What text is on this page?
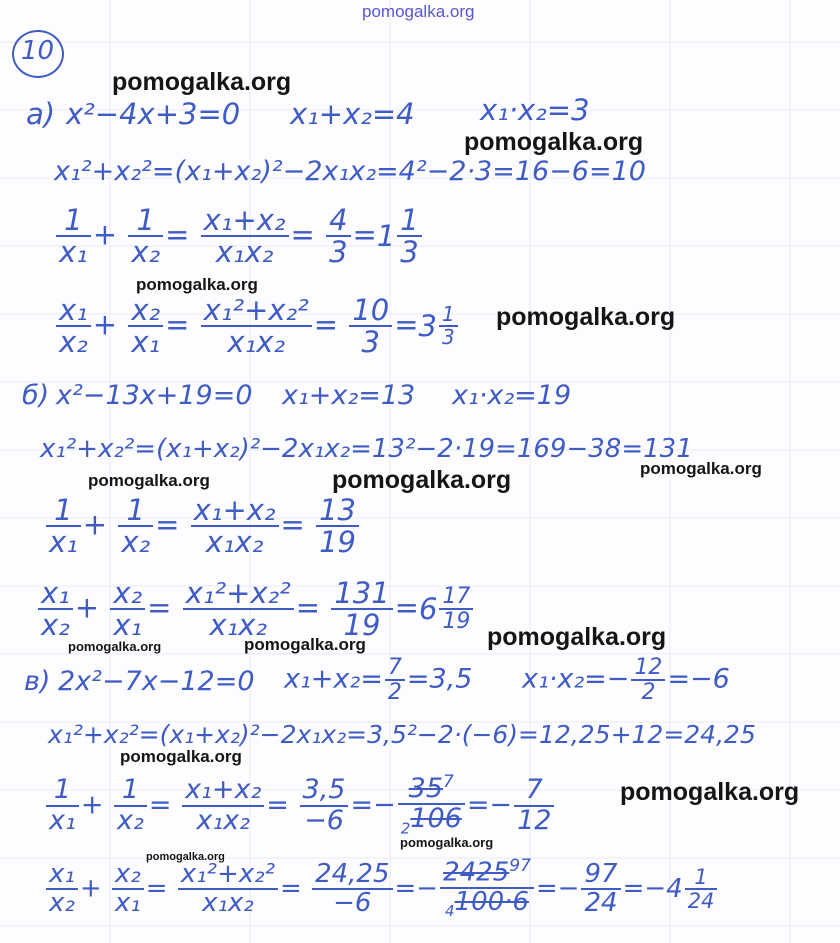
pomogalka.org
pomogalka.org
pomogalka.org
pomogalka.org
pomogalka.org
pomogalka.org
pomogalka.org	pomogalka.org
pomogalka.org	pomogalka.org	pomogalka.org
pomogalka.org
pomogalka.org
pomogalka.org
pomogalka.org
10
а) x²−4x+3=0 x₁+x₂=4 x₁·x₂=3
x₁²+x₂²=(x₁+x₂)²−2x₁x₂=4²−2·3=16−6=10
$\frac{1}{\text{x₁}} + \frac{1}{\text{x₂}} = \frac{\text{x₁+x₂}}{\text{x₁x₂}} = \frac{4}{3} =1 \frac{1}{3}$
$\frac{\text{x₁}}{\text{x₂}} + \frac{\text{x₂}}{\text{x₁}} = \frac{\text{x₁²+x₂²}}{\text{x₁x₂}} = \frac{10}{3} =3 \frac{1}{3}$
б) x²−13x+19=0 x₁+x₂=13 x₁·x₂=19
x₁²+x₂²=(x₁+x₂)²−2x₁x₂=13²−2·19=169−38=131
$\frac{1}{\text{x₁}} + \frac{1}{\text{x₂}} = \frac{\text{x₁+x₂}}{\text{x₁x₂}} = \frac{13}{19}$
$\frac{\text{x₁}}{\text{x₂}} + \frac{\text{x₂}}{\text{x₁}} = \frac{\text{x₁²+x₂²}}{\text{x₁x₂}} = \frac{131}{19} =6 \frac{17}{19}$
в) 2x²−7x−12=0 $x_1+x_2= \frac{7}{2} =3,5$ $x_1\cdot x_2=- \frac{12}{2} =-6$
x₁²+x₂²=(x₁+x₂)²−2x₁x₂=3,5²−2·(−6)=12,25+12=24,25
$\frac{1}{\text{x₁}} + \frac{1}{\text{x₂}} = \frac{\text{x₁+x₂}}{\text{x₁x₂}} = \frac{3,5}{-6} =- \frac{35^7}{_2106} =- \frac{7}{12}$
$\frac{\text{x₁}}{\text{x₂}} + \frac{\text{x₂}}{\text{x₁}} = \frac{\text{x₁²+x₂²}}{\text{x₁x₂}} = \frac{24,25}{-6} =- \frac{2425^{97}}{_4100\cdot 6} =- \frac{97}{24} =-4 \frac{1}{24}$
